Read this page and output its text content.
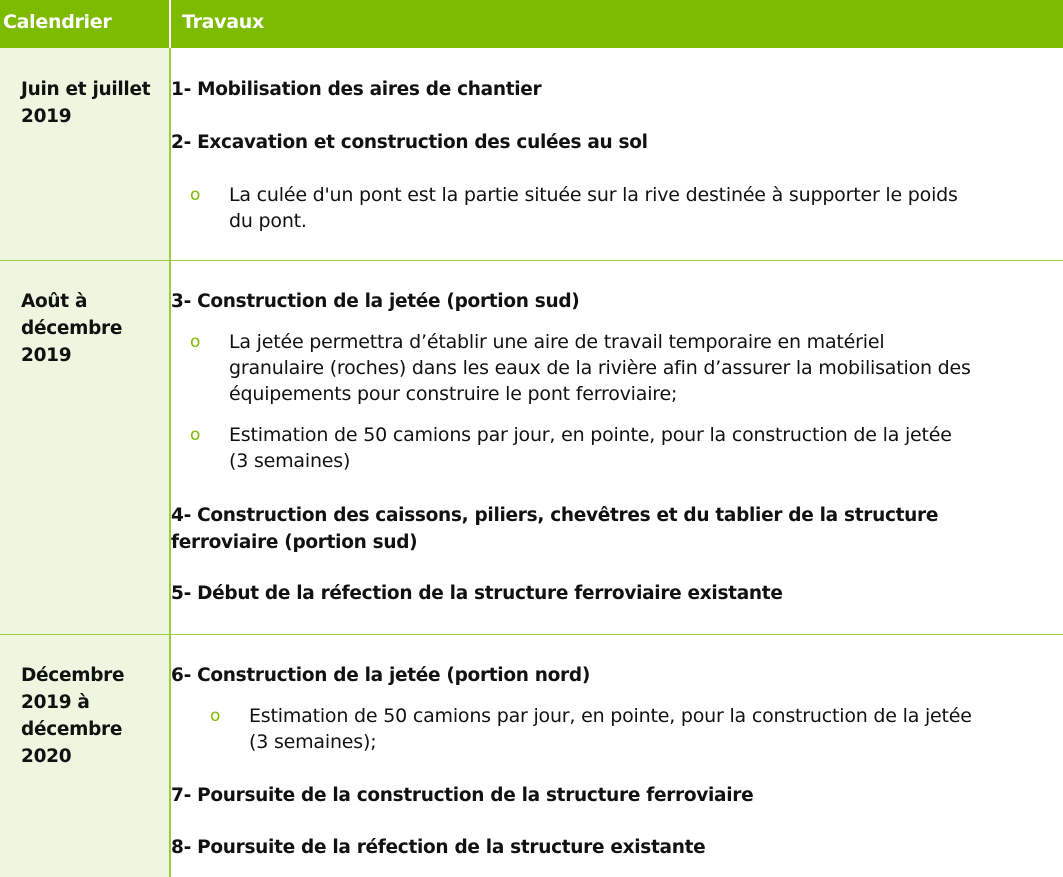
Calendrier	Travaux
Juin et juillet
2019
1- Mobilisation des aires de chantier
2- Excavation et construction des culées au sol
o La culée d'un pont est la partie située sur la rive destinée à supporter le poids
du pont.
Août à
décembre
2019
3- Construction de la jetée (portion sud)
o La jetée permettra d’établir une aire de travail temporaire en matériel
granulaire (roches) dans les eaux de la rivière afin d’assurer la mobilisation des
équipements pour construire le pont ferroviaire;
o Estimation de 50 camions par jour, en pointe, pour la construction de la jetée
(3 semaines)
4- Construction des caissons, piliers, chevêtres et du tablier de la structure
ferroviaire (portion sud)
5- Début de la réfection de la structure ferroviaire existante
Décembre
2019 à
décembre
2020
6- Construction de la jetée (portion nord)
o Estimation de 50 camions par jour, en pointe, pour la construction de la jetée
(3 semaines);
7- Poursuite de la construction de la structure ferroviaire
8- Poursuite de la réfection de la structure existante
